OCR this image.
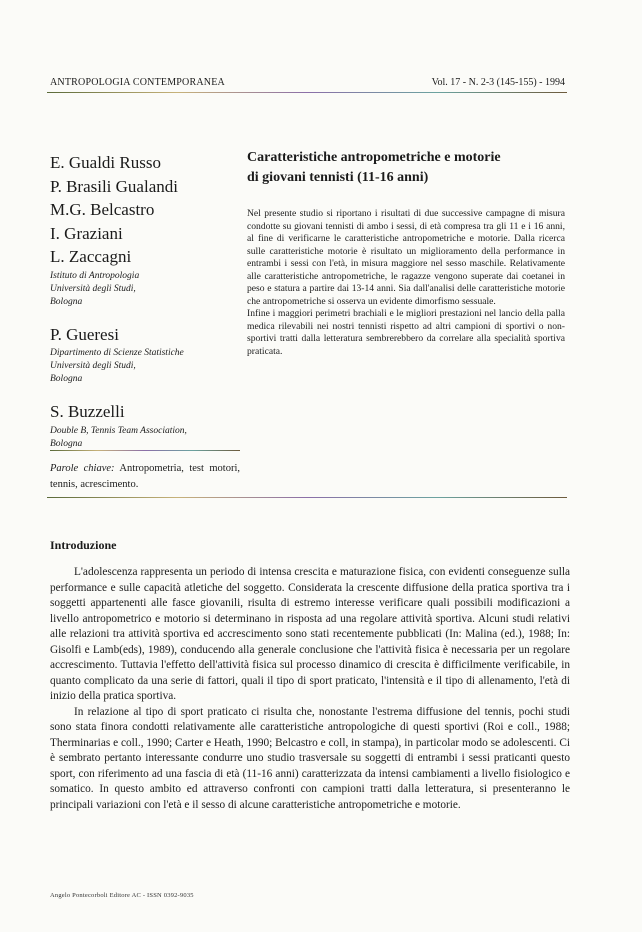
ANTROPOLOGIA CONTEMPORANEA	Vol. 17 - N. 2-3 (145-155) - 1994
E. Gualdi Russo
P. Brasili Gualandi
M.G. Belcastro
I. Graziani
L. Zaccagni
Istituto di Antropologia
Università degli Studi,
Bologna
P. Gueresi
Dipartimento di Scienze Statistiche
Università degli Studi,
Bologna
S. Buzzelli
Double B, Tennis Team Association,
Bologna
Parole chiave: Antropometria, test motori, tennis, acrescimento.
Caratteristiche antropometriche e motorie
di giovani tennisti (11-16 anni)

Nel presente studio si riportano i risultati di due successive campagne di misura condotte su giovani tennisti di ambo i sessi, di età compresa tra gli 11 e i 16 anni, al fine di verificarne le caratteristiche antropometriche e motorie. Dalla ricerca sulle caratteristiche motorie è risultato un miglioramento della performance in entrambi i sessi con l'età, in misura maggiore nel sesso maschile. Relativamente alle caratteristiche antropometriche, le ragazze vengono superate dai coetanei in peso e statura a partire dai 13-14 anni. Sia dall'analisi delle caratteristiche motorie che antropometriche si osserva un evidente dimorfismo sessuale.

Infine i maggiori perimetri brachiali e le migliori prestazioni nel lancio della palla medica rilevabili nei nostri tennisti rispetto ad altri campioni di sportivi o non-sportivi tratti dalla letteratura sembrerebbero da correlare alla specialità sportiva praticata.

Introduzione

L'adolescenza rappresenta un periodo di intensa crescita e maturazione fisica, con evidenti conseguenze sulla performance e sulle capacità atletiche del soggetto. Considerata la crescente diffusione della pratica sportiva tra i soggetti appartenenti alle fasce giovanili, risulta di estremo interesse verificare quali possibili modificazioni a livello antropometrico e motorio si determinano in risposta ad una regolare attività sportiva. Alcuni studi relativi alle relazioni tra attività sportiva ed accrescimento sono stati recentemente pubblicati (In: Malina (ed.), 1988; In: Gisolfi e Lamb(eds), 1989), conducendo alla generale conclusione che l'attività fisica è necessaria per un regolare accrescimento. Tuttavia l'effetto dell'attività fisica sul processo dinamico di crescita è difficilmente verificabile, in quanto complicato da una serie di fattori, quali il tipo di sport praticato, l'intensità e il tipo di allenamento, l'età di inizio della pratica sportiva.

In relazione al tipo di sport praticato ci risulta che, nonostante l'estrema diffusione del tennis, pochi studi sono stata finora condotti relativamente alle caratteristiche antropologiche di questi sportivi (Roi e coll., 1988; Therminarias e coll., 1990; Carter e Heath, 1990; Belcastro e coll, in stampa), in particolar modo se adolescenti. Ci è sembrato pertanto interessante condurre uno studio trasversale su soggetti di entrambi i sessi praticanti questo sport, con riferimento ad una fascia di età (11-16 anni) caratterizzata da intensi cambiamenti a livello fisiologico e somatico. In questo ambito ed attraverso confronti con campioni tratti dalla letteratura, si presenteranno le principali variazioni con l'età e il sesso di alcune caratteristiche antropometriche e motorie.

Angelo Pontecorboli Editore AC - ISSN 0392-9035
